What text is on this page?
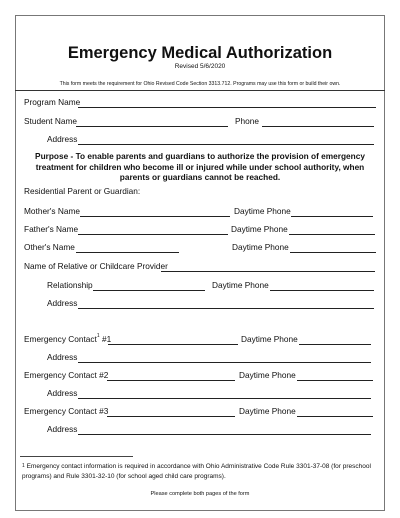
Emergency Medical Authorization
Revised 5/6/2020
This form meets the requirement for Ohio Revised Code Section 3313.712. Programs may use this form or build their own.
Program Name
Student Name	Phone
Address
Purpose - To enable parents and guardians to authorize the provision of emergency treatment for children who become ill or injured while under school authority, when parents or guardians cannot be reached.
Residential Parent or Guardian:
Mother's Name	Daytime Phone
Father's Name	Daytime Phone
Other's Name	Daytime Phone
Name of Relative or Childcare Provider
Relationship	Daytime Phone
Address
Emergency Contact$^1$ #1	Daytime Phone
Address
Emergency Contact #2	Daytime Phone
Address
Emergency Contact #3	Daytime Phone
Address
$^1$ Emergency contact information is required in accordance with Ohio Administrative Code Rule 3301-37-08 (for preschool programs) and Rule 3301-32-10 (for school aged child care programs).
Please complete both pages of the form
